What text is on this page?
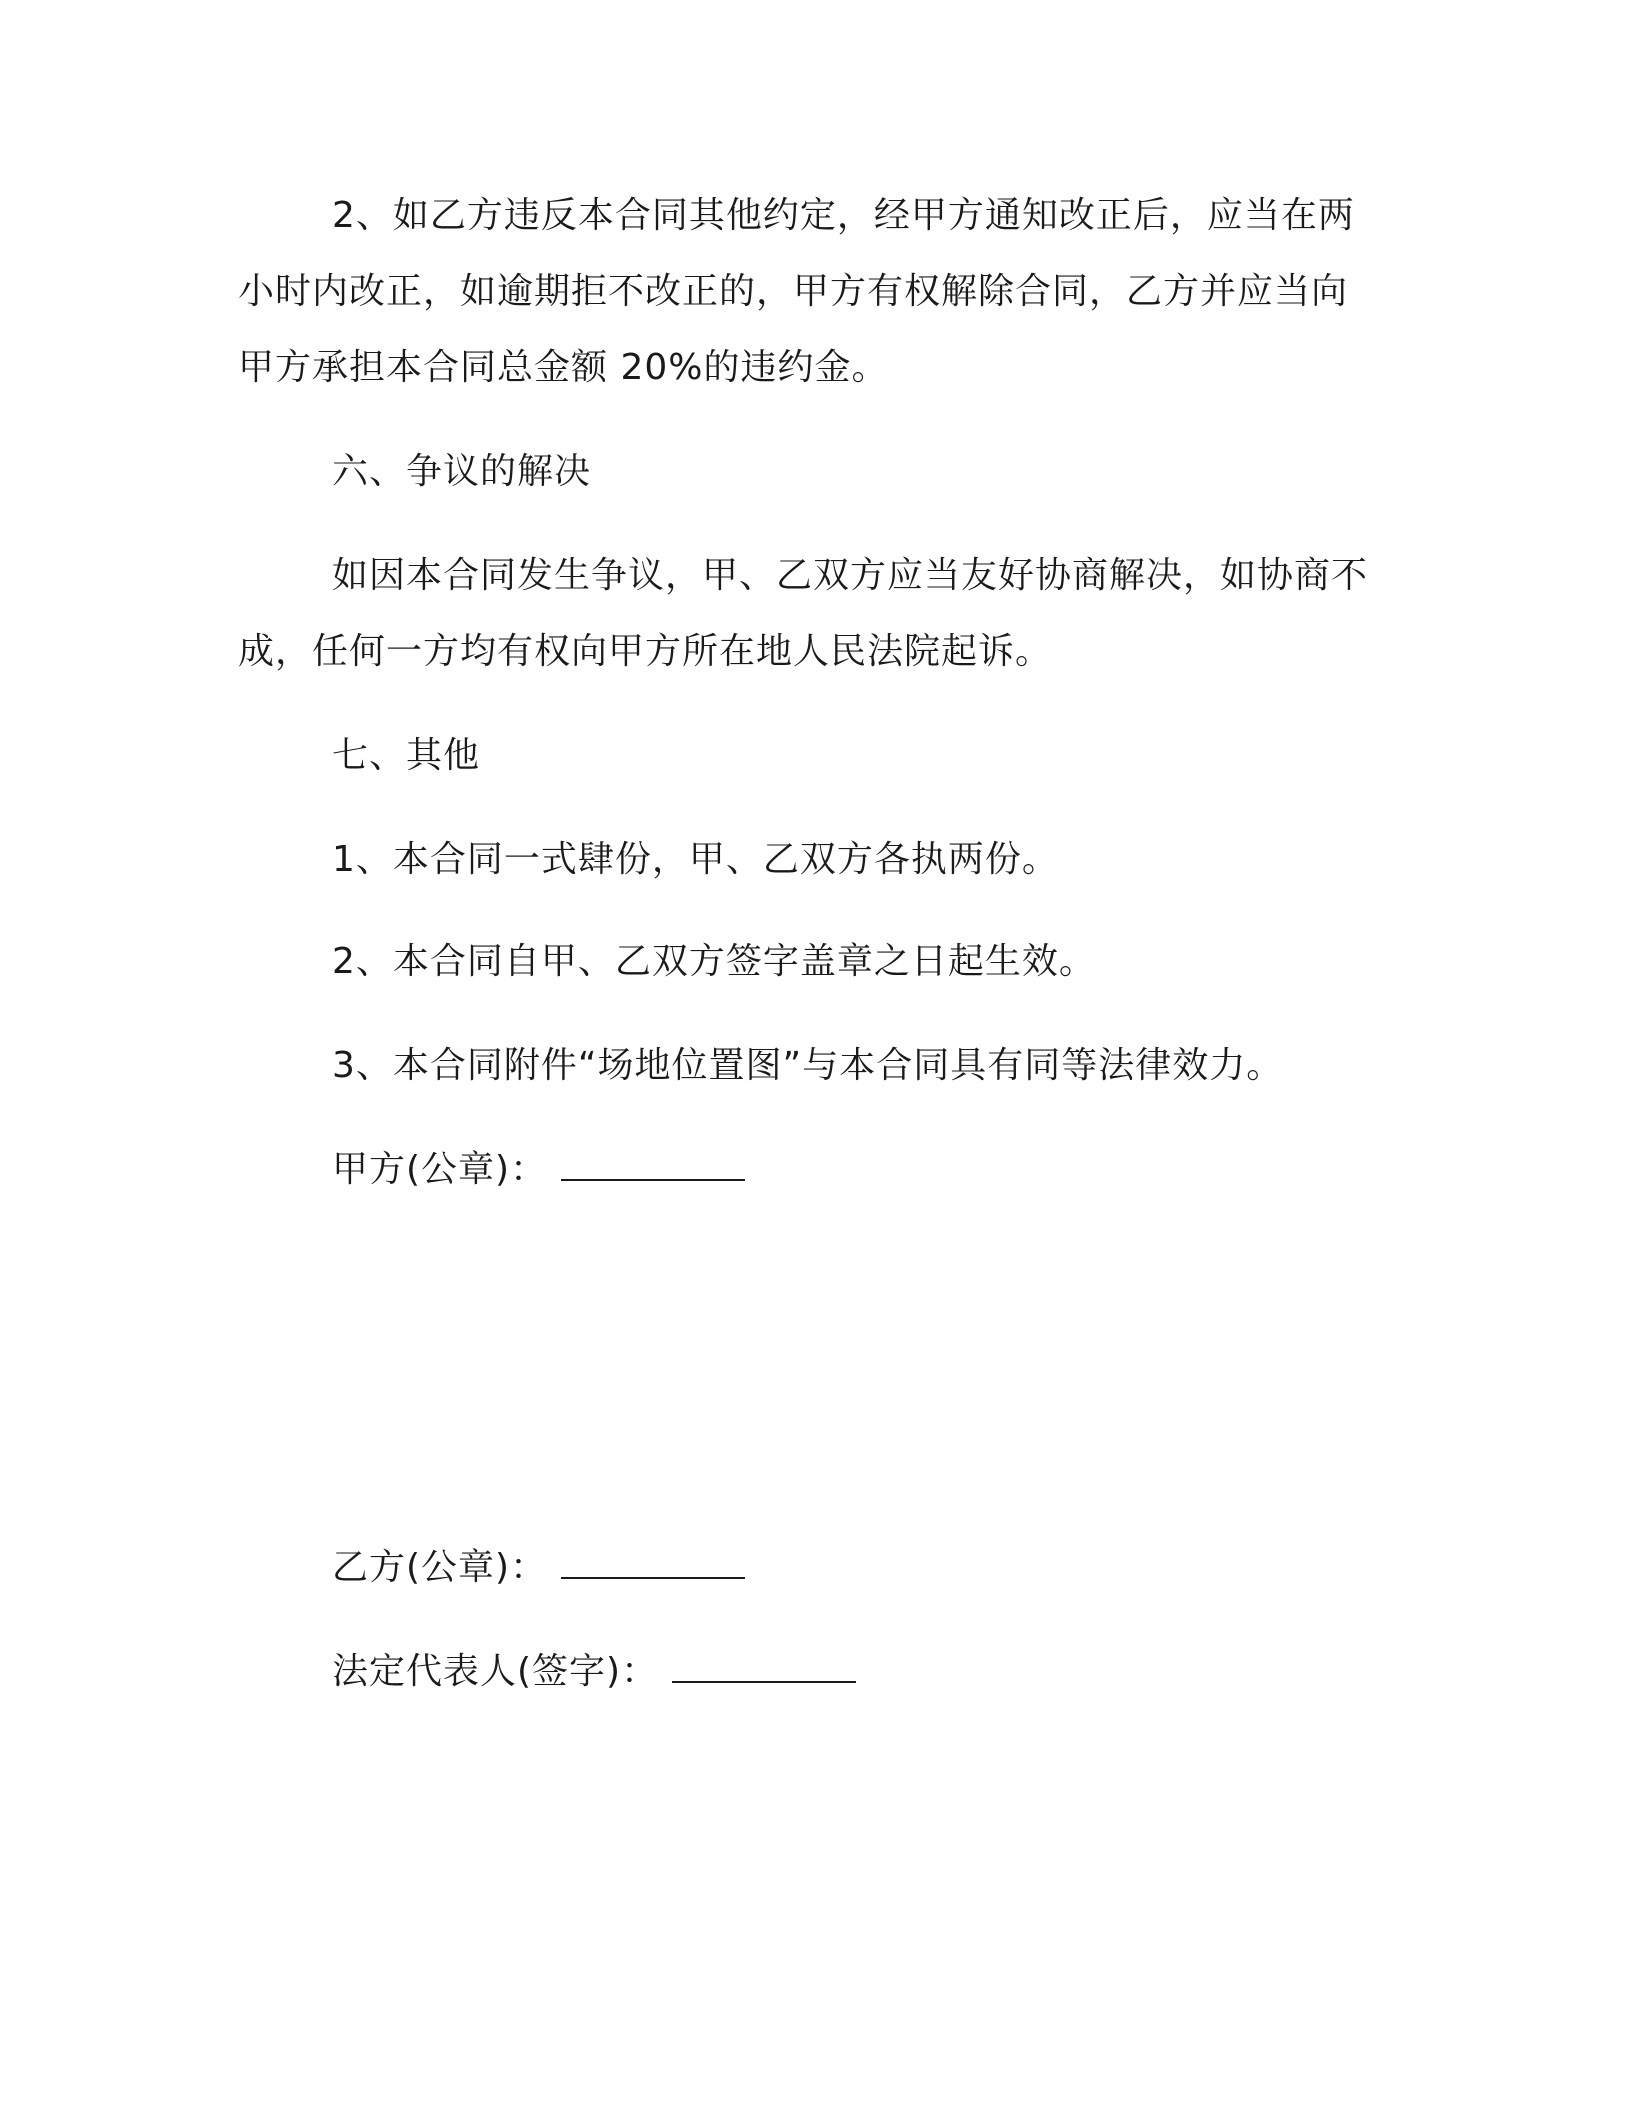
2、如乙方违反本合同其他约定，经甲方通知改正后，应当在两
小时内改正，如逾期拒不改正的，甲方有权解除合同，乙方并应当向
甲方承担本合同总金额 20%的违约金。
六、争议的解决
如因本合同发生争议，甲、乙双方应当友好协商解决，如协商不
成，任何一方均有权向甲方所在地人民法院起诉。
七、其他
1、本合同一式肆份，甲、乙双方各执两份。
2、本合同自甲、乙双方签字盖章之日起生效。
3、本合同附件“场地位置图”与本合同具有同等法律效力。
甲方(公章)：
乙方(公章)：
法定代表人(签字)：
